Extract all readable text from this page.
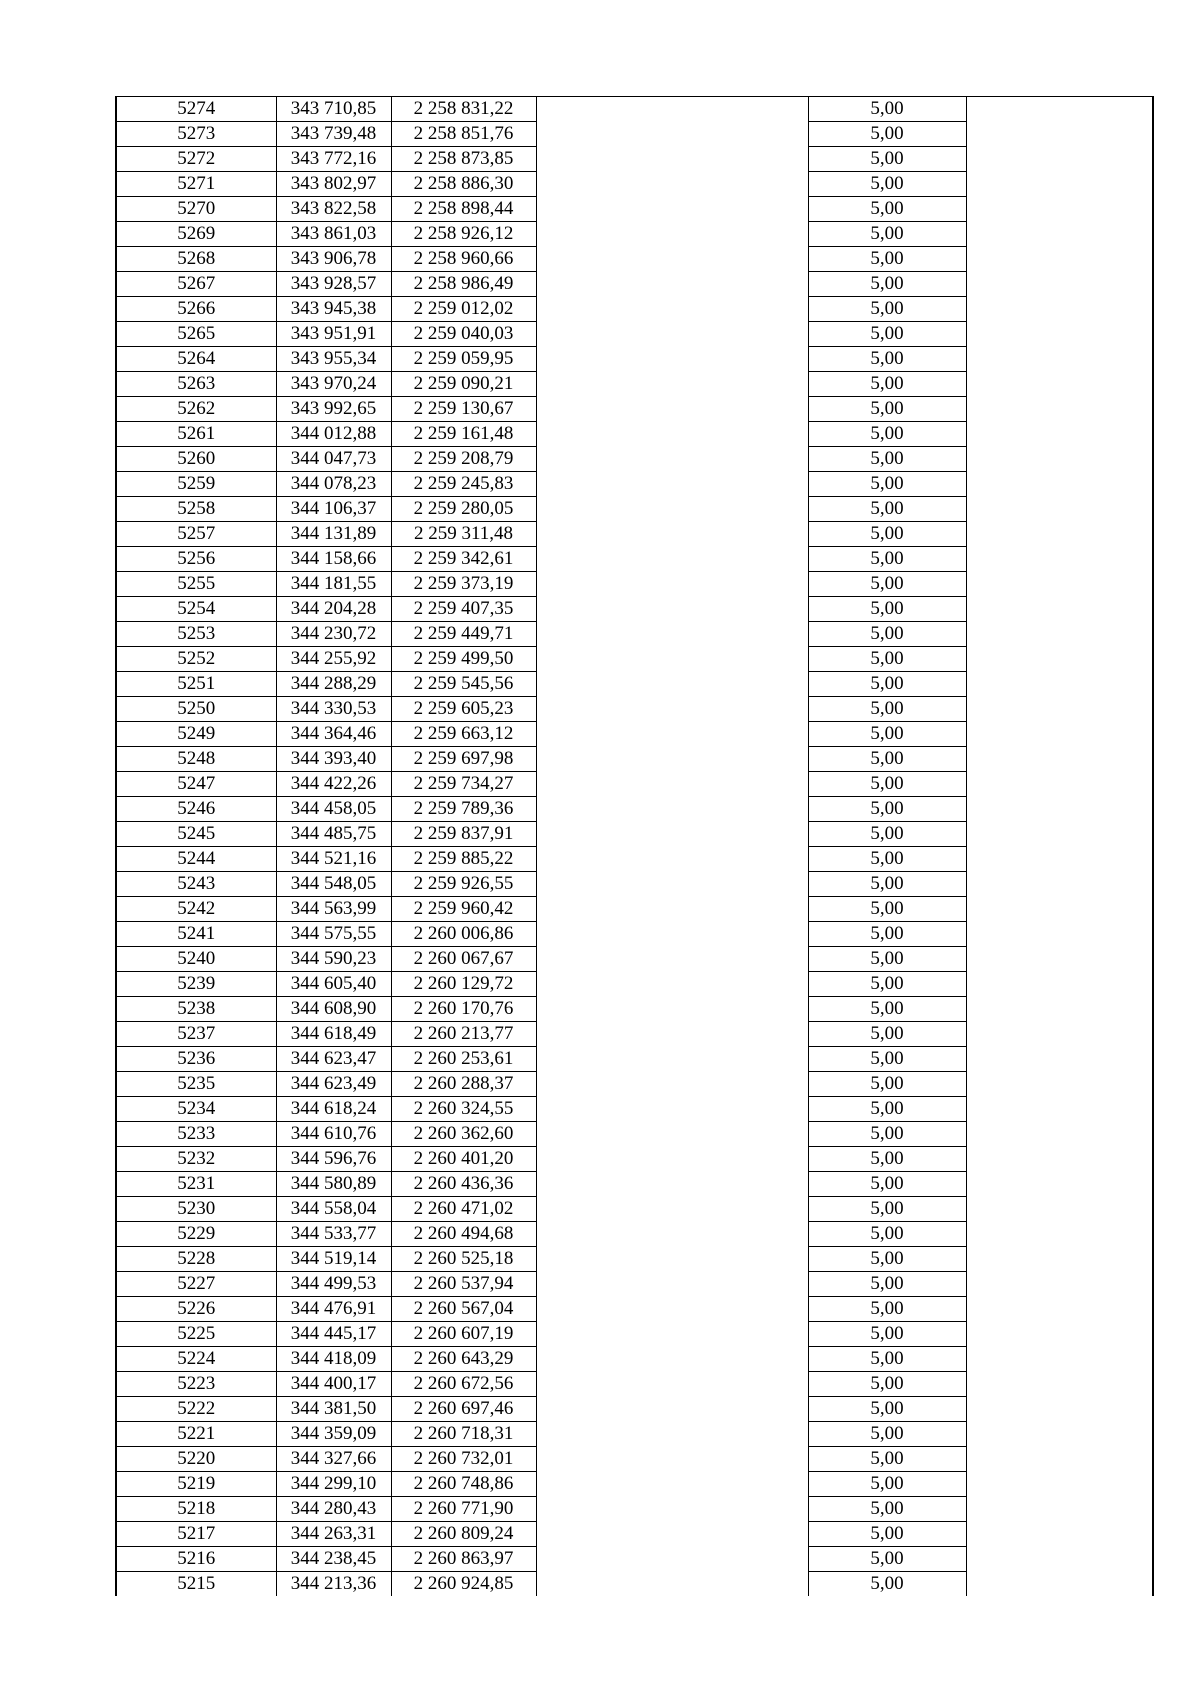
5274	343 710,85	2 258 831,22		5,00	
5273	343 739,48	2 258 851,76		5,00	
5272	343 772,16	2 258 873,85		5,00	
5271	343 802,97	2 258 886,30		5,00	
5270	343 822,58	2 258 898,44		5,00	
5269	343 861,03	2 258 926,12		5,00	
5268	343 906,78	2 258 960,66		5,00	
5267	343 928,57	2 258 986,49		5,00	
5266	343 945,38	2 259 012,02		5,00	
5265	343 951,91	2 259 040,03		5,00	
5264	343 955,34	2 259 059,95		5,00	
5263	343 970,24	2 259 090,21		5,00	
5262	343 992,65	2 259 130,67		5,00	
5261	344 012,88	2 259 161,48		5,00	
5260	344 047,73	2 259 208,79		5,00	
5259	344 078,23	2 259 245,83		5,00	
5258	344 106,37	2 259 280,05		5,00	
5257	344 131,89	2 259 311,48		5,00	
5256	344 158,66	2 259 342,61		5,00	
5255	344 181,55	2 259 373,19		5,00	
5254	344 204,28	2 259 407,35		5,00	
5253	344 230,72	2 259 449,71		5,00	
5252	344 255,92	2 259 499,50		5,00	
5251	344 288,29	2 259 545,56		5,00	
5250	344 330,53	2 259 605,23		5,00	
5249	344 364,46	2 259 663,12		5,00	
5248	344 393,40	2 259 697,98		5,00	
5247	344 422,26	2 259 734,27		5,00	
5246	344 458,05	2 259 789,36		5,00	
5245	344 485,75	2 259 837,91		5,00	
5244	344 521,16	2 259 885,22		5,00	
5243	344 548,05	2 259 926,55		5,00	
5242	344 563,99	2 259 960,42		5,00	
5241	344 575,55	2 260 006,86		5,00	
5240	344 590,23	2 260 067,67		5,00	
5239	344 605,40	2 260 129,72		5,00	
5238	344 608,90	2 260 170,76		5,00	
5237	344 618,49	2 260 213,77		5,00	
5236	344 623,47	2 260 253,61		5,00	
5235	344 623,49	2 260 288,37		5,00	
5234	344 618,24	2 260 324,55		5,00	
5233	344 610,76	2 260 362,60		5,00	
5232	344 596,76	2 260 401,20		5,00	
5231	344 580,89	2 260 436,36		5,00	
5230	344 558,04	2 260 471,02		5,00	
5229	344 533,77	2 260 494,68		5,00	
5228	344 519,14	2 260 525,18		5,00	
5227	344 499,53	2 260 537,94		5,00	
5226	344 476,91	2 260 567,04		5,00	
5225	344 445,17	2 260 607,19		5,00	
5224	344 418,09	2 260 643,29		5,00	
5223	344 400,17	2 260 672,56		5,00	
5222	344 381,50	2 260 697,46		5,00	
5221	344 359,09	2 260 718,31		5,00	
5220	344 327,66	2 260 732,01		5,00	
5219	344 299,10	2 260 748,86		5,00	
5218	344 280,43	2 260 771,90		5,00	
5217	344 263,31	2 260 809,24		5,00	
5216	344 238,45	2 260 863,97		5,00	
5215	344 213,36	2 260 924,85		5,00	
